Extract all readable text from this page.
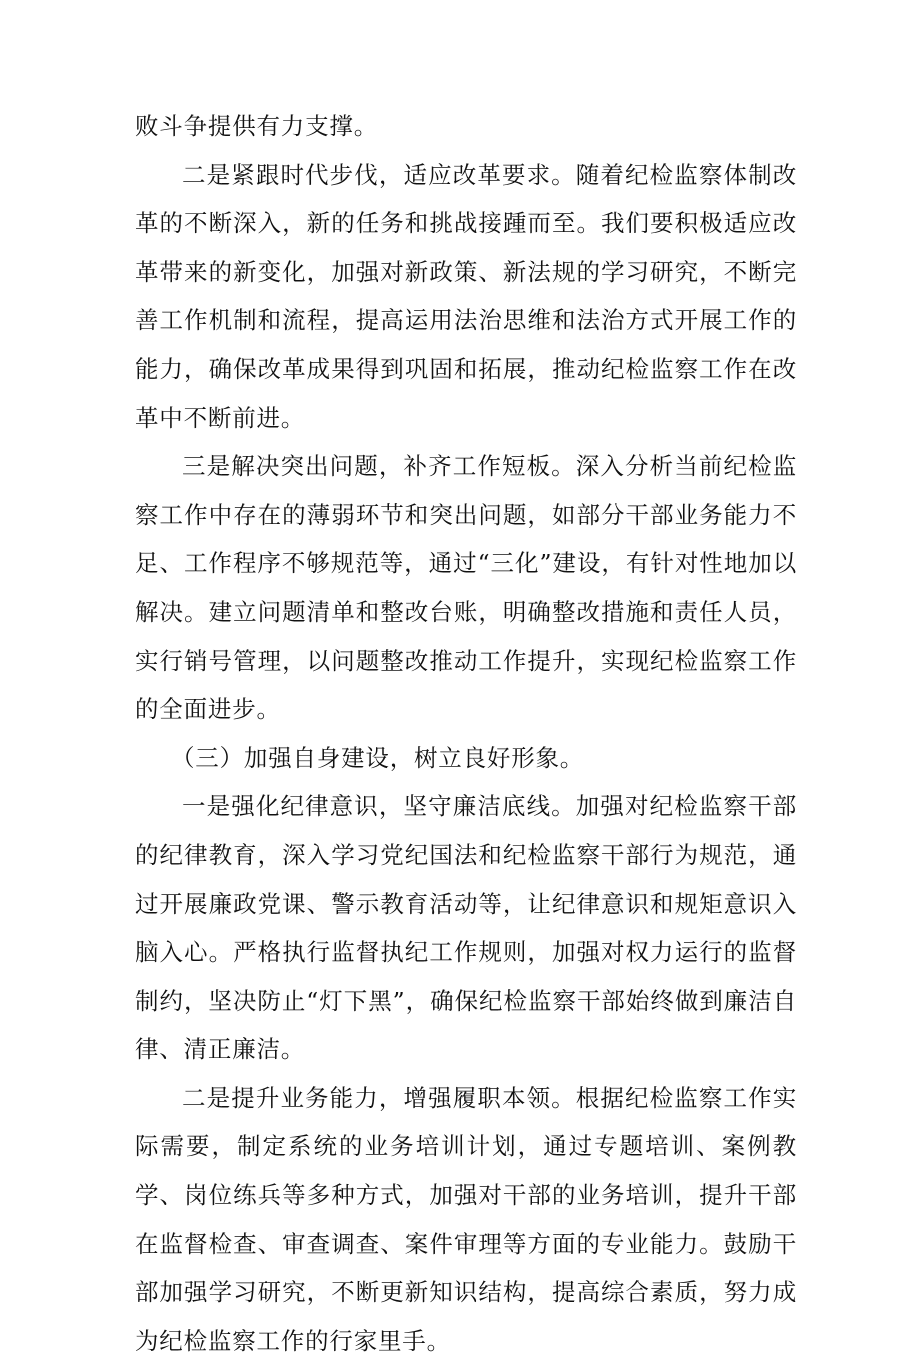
败斗争提供有力支撑。

二是紧跟时代步伐，适应改革要求。随着纪检监察体制改革的不断深入，新的任务和挑战接踵而至。我们要积极适应改革带来的新变化，加强对新政策、新法规的学习研究，不断完善工作机制和流程，提高运用法治思维和法治方式开展工作的能力，确保改革成果得到巩固和拓展，推动纪检监察工作在改革中不断前进。

三是解决突出问题，补齐工作短板。深入分析当前纪检监察工作中存在的薄弱环节和突出问题，如部分干部业务能力不足、工作程序不够规范等，通过“三化”建设，有针对性地加以解决。建立问题清单和整改台账，明确整改措施和责任人员，实行销号管理，以问题整改推动工作提升，实现纪检监察工作的全面进步。

（三）加强自身建设，树立良好形象。

一是强化纪律意识，坚守廉洁底线。加强对纪检监察干部的纪律教育，深入学习党纪国法和纪检监察干部行为规范，通过开展廉政党课、警示教育活动等，让纪律意识和规矩意识入脑入心。严格执行监督执纪工作规则，加强对权力运行的监督制约，坚决防止“灯下黑”，确保纪检监察干部始终做到廉洁自律、清正廉洁。

二是提升业务能力，增强履职本领。根据纪检监察工作实际需要，制定系统的业务培训计划，通过专题培训、案例教学、岗位练兵等多种方式，加强对干部的业务培训，提升干部在监督检查、审查调查、案件审理等方面的专业能力。鼓励干部加强学习研究，不断更新知识结构，提高综合素质，努力成为纪检监察工作的行家里手。
